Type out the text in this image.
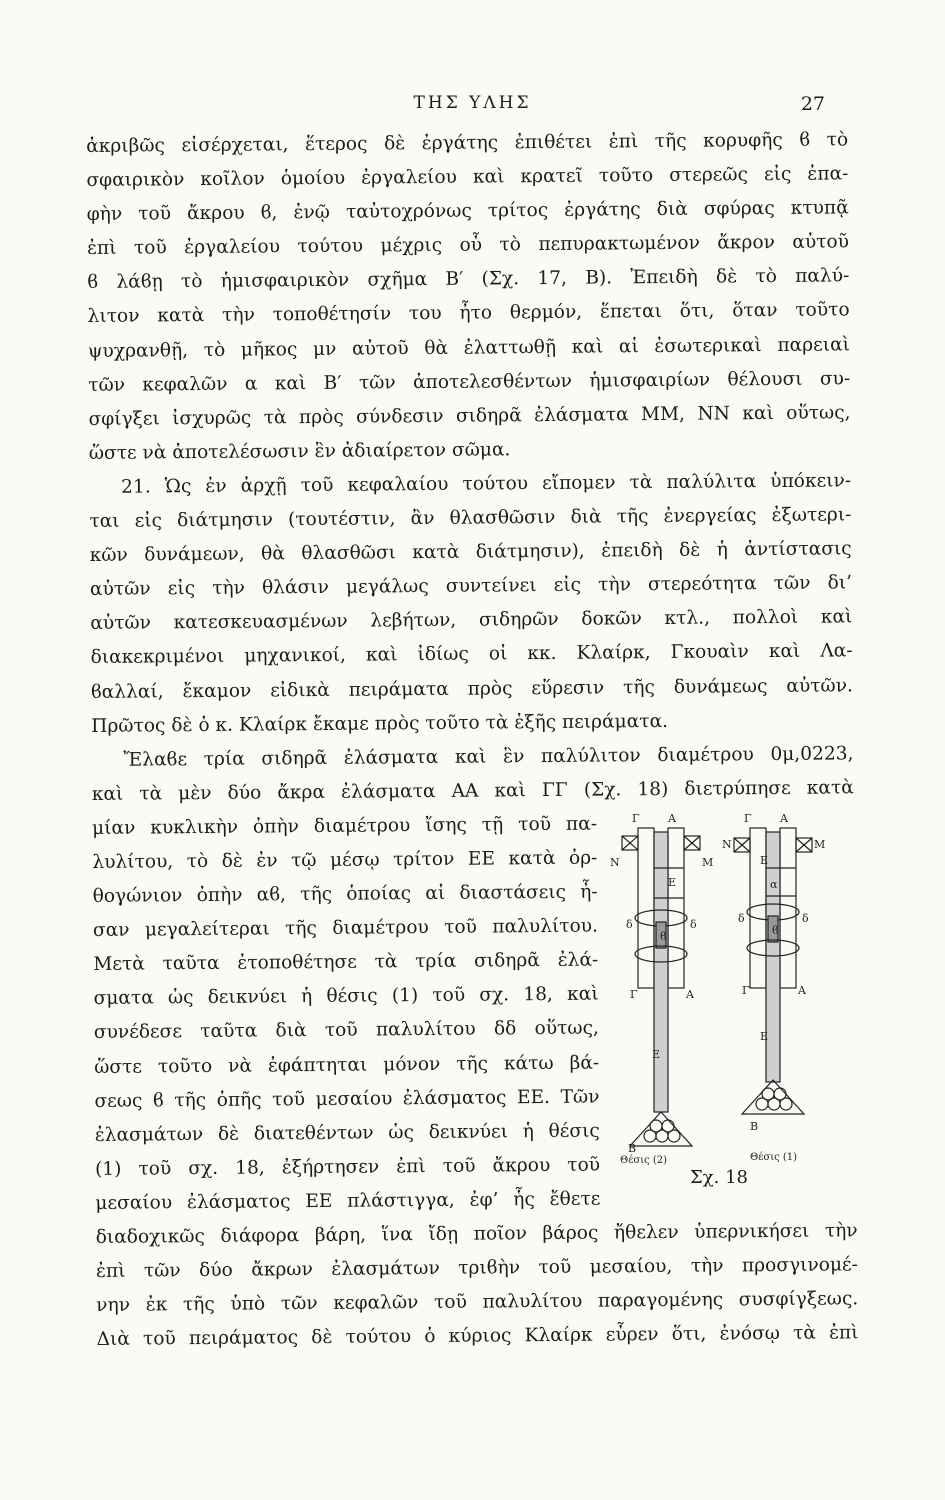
ΤΗΣ ΥΛΗΣ	27
ἀκριβῶς εἰσέρχεται, ἕτερος δὲ ἐργάτης ἐπιθέτει ἐπὶ τῆς κορυφῆς ϐ τὸ
σφαιρικὸν κοῖλον ὁμοίου ἐργαλείου καὶ κρατεῖ τοῦτο στερεῶς εἰς ἐπα-
φὴν τοῦ ἄκρου ϐ, ἐνῷ ταὐτοχρόνως τρίτος ἐργάτης διὰ σφύρας κτυπᾷ
ἐπὶ τοῦ ἐργαλείου τούτου μέχρις οὗ τὸ πεπυρακτωμένον ἄκρον αὐτοῦ
ϐ λάϐῃ τὸ ἡμισφαιρικὸν σχῆμα Β′ (Σχ. 17, Β). Ἐπειδὴ δὲ τὸ παλύ-
λιτον κατὰ τὴν τοποθέτησίν του ἦτο θερμόν, ἕπεται ὅτι, ὅταν τοῦτο
ψυχρανθῇ, τὸ μῆκος μν αὐτοῦ θὰ ἐλαττωθῇ καὶ αἱ ἐσωτερικαὶ παρειαὶ
τῶν κεφαλῶν α καὶ Β′ τῶν ἀποτελεσθέντων ἡμισφαιρίων θέλουσι συ-
σφίγξει ἰσχυρῶς τὰ πρὸς σύνδεσιν σιδηρᾶ ἐλάσματα ΜΜ, ΝΝ καὶ οὕτως,
ὥστε νὰ ἀποτελέσωσιν ἓν ἀδιαίρετον σῶμα.
21. Ὡς ἐν ἀρχῇ τοῦ κεφαλαίου τούτου εἴπομεν τὰ παλύλιτα ὑπόκειν-
ται εἰς διάτμησιν (τουτέστιν, ἂν θλασθῶσιν διὰ τῆς ἐνεργείας ἐξωτερι-
κῶν δυνάμεων, θὰ θλασθῶσι κατὰ διάτμησιν), ἐπειδὴ δὲ ἡ ἀντίστασις
αὐτῶν εἰς τὴν θλάσιν μεγάλως συντείνει εἰς τὴν στερεότητα τῶν δι’
αὐτῶν κατεσκευασμένων λεβήτων, σιδηρῶν δοκῶν κτλ., πολλοὶ καὶ
διακεκριμένοι μηχανικοί, καὶ ἰδίως οἱ κκ. Κλαίρκ, Γκουαὶν καὶ Λα-
ϐαλλαί, ἔκαμον εἰδικὰ πειράματα πρὸς εὕρεσιν τῆς δυνάμεως αὐτῶν.
Πρῶτος δὲ ὁ κ. Κλαίρκ ἔκαμε πρὸς τοῦτο τὰ ἑξῆς πειράματα.
Ἔλαϐε τρία σιδηρᾶ ἐλάσματα καὶ ἓν παλύλιτον διαμέτρου 0μ,0223,
καὶ τὰ μὲν δύο ἄκρα ἐλάσματα ΑΑ καὶ ΓΓ (Σχ. 18) διετρύπησε κατὰ
μίαν κυκλικὴν ὀπὴν διαμέτρου ἴσης τῇ τοῦ πα-
λυλίτου, τὸ δὲ ἐν τῷ μέσῳ τρίτον ΕΕ κατὰ ὀρ-
θογώνιον ὀπὴν αϐ, τῆς ὁποίας αἱ διαστάσεις ἦ-
σαν μεγαλείτεραι τῆς διαμέτρου τοῦ παλυλίτου.
Μετὰ ταῦτα ἐτοποθέτησε τὰ τρία σιδηρᾶ ἐλά-
σματα ὡς δεικνύει ἡ θέσις (1) τοῦ σχ. 18, καὶ
συνέδεσε ταῦτα διὰ τοῦ παλυλίτου δδ οὕτως,
ὥστε τοῦτο νὰ ἐφάπτηται μόνον τῆς κάτω βά-
σεως ϐ τῆς ὀπῆς τοῦ μεσαίου ἐλάσματος ΕΕ. Τῶν
ἐλασμάτων δὲ διατεθέντων ὡς δεικνύει ἡ θέσις
(1) τοῦ σχ. 18, ἐξήρτησεν ἐπὶ τοῦ ἄκρου τοῦ
μεσαίου ἐλάσματος ΕΕ πλάστιγγα, ἐφ’ ἧς ἔθετε
διαδοχικῶς διάφορα βάρη, ἵνα ἴδῃ ποῖον βάρος ἤθελεν ὑπερνικήσει τὴν
ἐπὶ τῶν δύο ἄκρων ἐλασμάτων τριϐὴν τοῦ μεσαίου, τὴν προσγινομέ-
νην ἐκ τῆς ὑπὸ τῶν κεφαλῶν τοῦ παλυλίτου παραγομένης συσφίγξεως.
Διὰ τοῦ πειράματος δὲ τούτου ὁ κύριος Κλαίρκ εὗρεν ὅτι, ἐνόσῳ τὰ ἐπὶ
Γ	Α
Ν	Μ
Ε
δ	δ
ϐ
Γ	Α
Ε
Β
Γ	Α
Ν	Μ
Ε
α
δ	δ
ϐ
Γ	Α
Ε
Β
Θέσις (2)	Θέσις (1)
Σχ. 18
